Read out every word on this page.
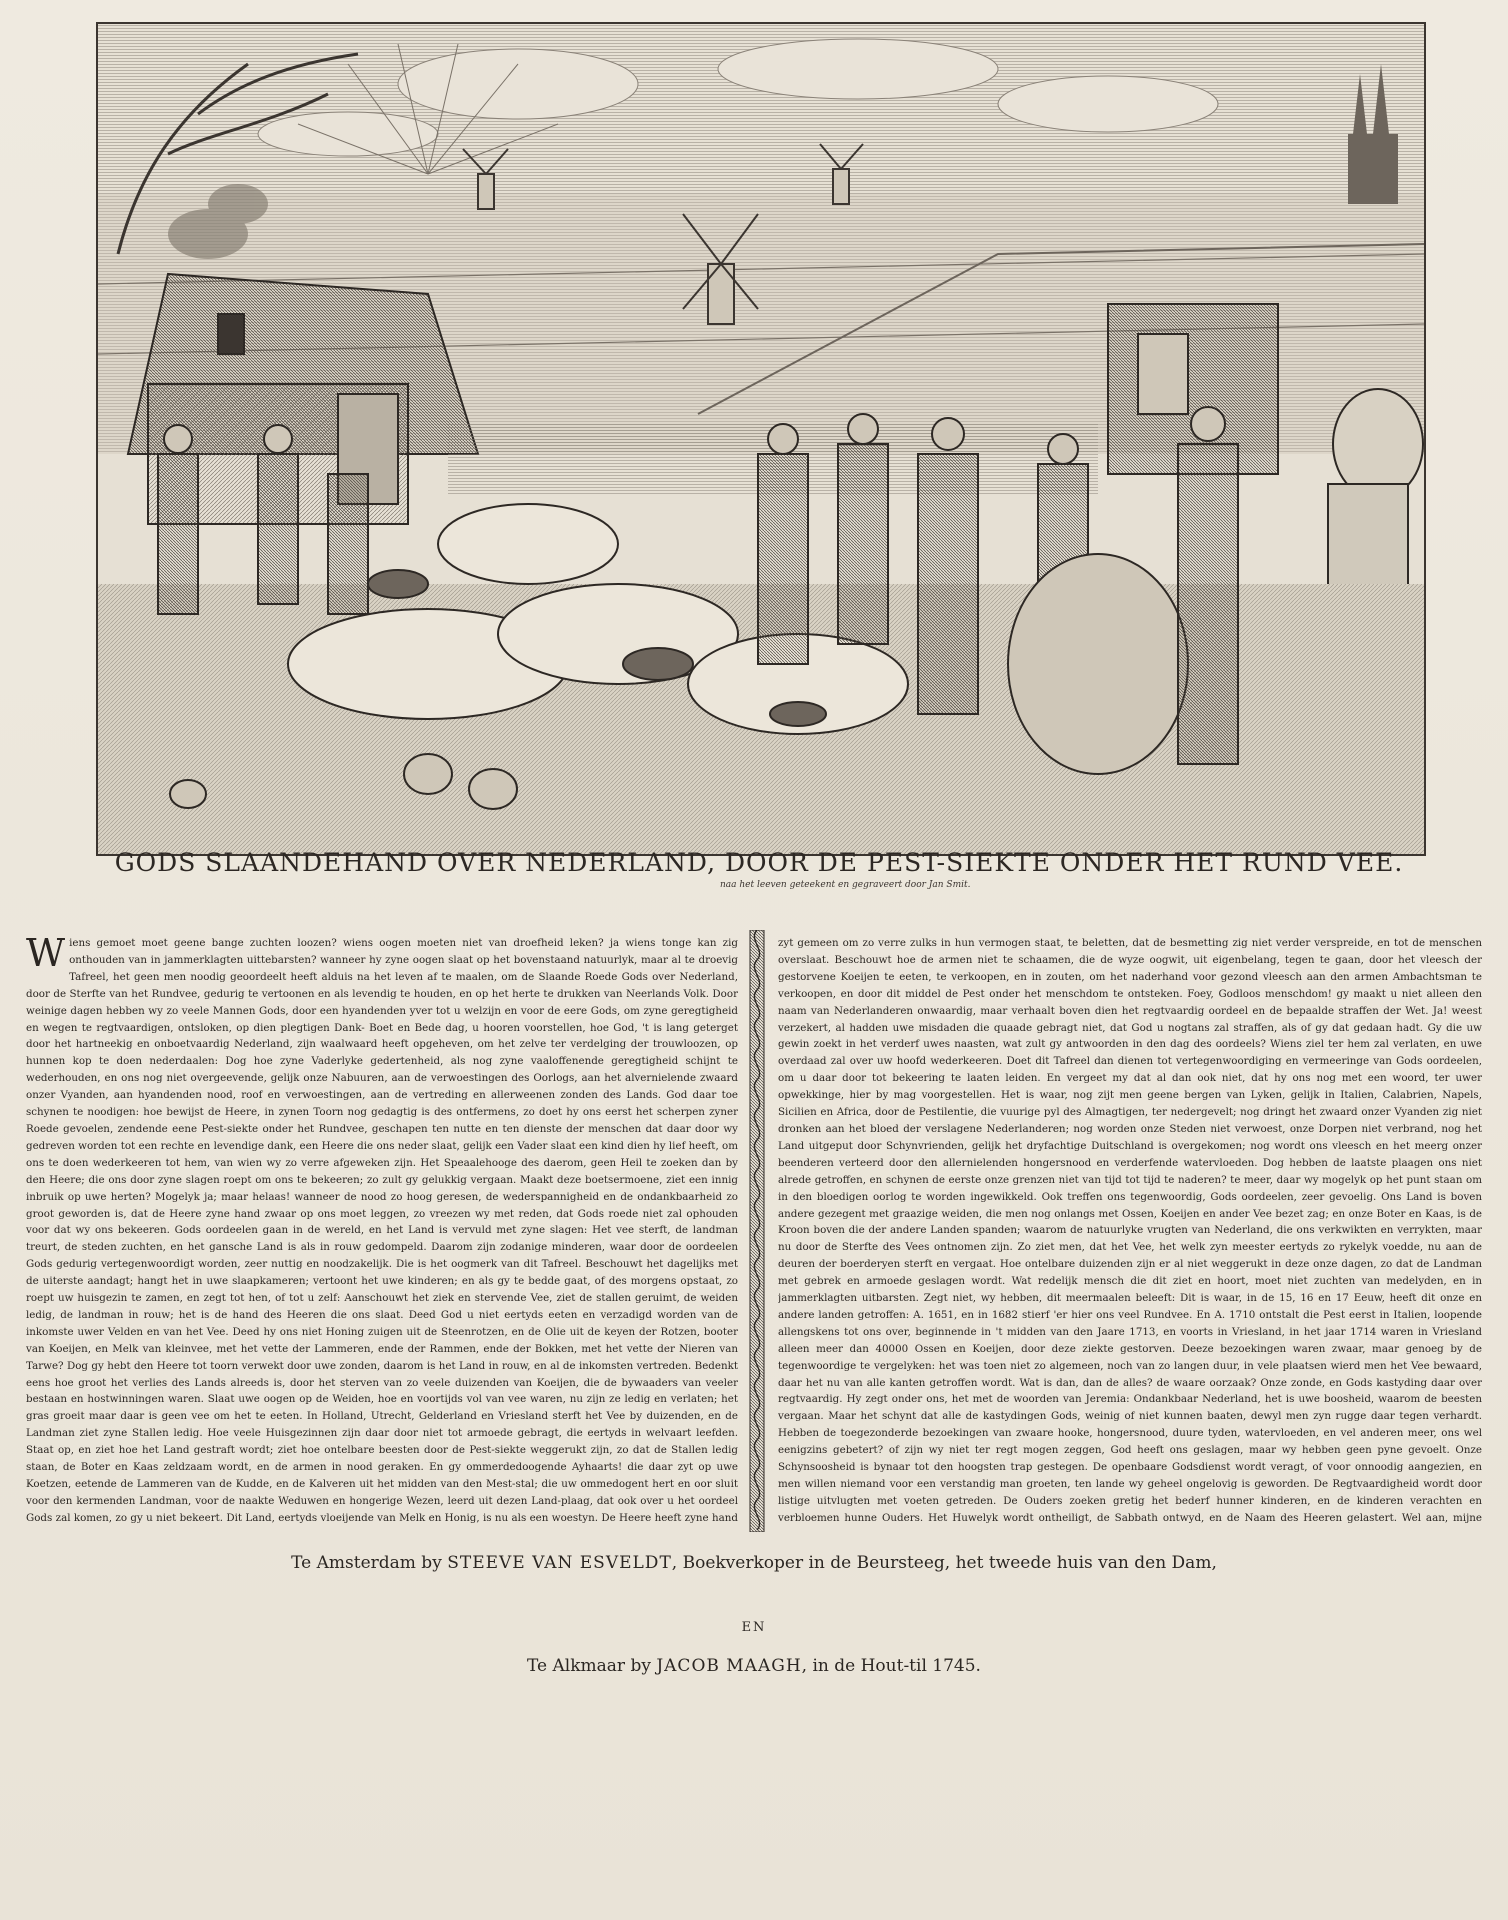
GODS SLAANDEHAND OVER NEDERLAND, DOOR DE PEST-SIEKTE ONDER HET RUND VEE.
naa het leeven geteekent en gegraveert door Jan Smit.
W iens gemoet moet geene bange zuchten loozen? wiens oogen moeten niet van droefheid leken? ja wiens tonge kan zig onthouden van in jammerklagten uittebarsten? wanneer hy zyne oogen slaat op het bovenstaand natuurlyk, maar al te droevig Tafreel, het geen men noodig geoordeelt heeft alduis na het leven af te maalen, om de Slaande Roede Gods over Nederland, door de Sterfte van het Rundvee, gedurig te vertoonen en als levendig te houden, en op het herte te drukken van Neerlands Volk. Door weinige dagen hebben wy zo veele Mannen Gods, door een hyandenden yver tot u welzijn en voor de eere Gods, om zyne geregtigheid en wegen te regtvaardigen, ontsloken, op dien plegtigen Dank- Boet en Bede dag, u hooren voorstellen, hoe God, 't is lang geterget door het hartneekig en onboetvaardig Nederland, zijn waalwaard heeft opgeheven, om het zelve ter verdelging der trouwloozen, op hunnen kop te doen nederdaalen: Dog hoe zyne Vaderlyke gedertenheid, als nog zyne vaaloffenende geregtigheid schijnt te wederhouden, en ons nog niet overgeevende, gelijk onze Nabuuren, aan de verwoestingen des Oorlogs, aan het alvernielende zwaard onzer Vyanden, aan hyandenden nood, roof en verwoestingen, aan de vertreding en allerweenen zonden des Lands. God daar toe schynen te noodigen: hoe bewijst de Heere, in zynen Toorn nog gedagtig is des ontfermens, zo doet hy ons eerst het scherpen zyner Roede gevoelen, zendende eene Pest-siekte onder het Rundvee, geschapen ten nutte en ten dienste der menschen dat daar door wy gedreven worden tot een rechte en levendige dank, een Heere die ons neder slaat, gelijk een Vader slaat een kind dien hy lief heeft, om ons te doen wederkeeren tot hem, van wien wy zo verre afgeweken zijn. Het Speaalehooge des daerom, geen Heil te zoeken dan by den Heere; die ons door zyne slagen roept om ons te bekeeren; zo zult gy gelukkig vergaan. Maakt deze boetsermoene, ziet een innig inbruik op uwe herten? Mogelyk ja; maar helaas! wanneer de nood zo hoog geresen, de wederspannigheid en de ondankbaarheid zo groot geworden is, dat de Heere zyne hand zwaar op ons moet leggen, zo vreezen wy met reden, dat Gods roede niet zal ophouden voor dat wy ons bekeeren. Gods oordeelen gaan in de wereld, en het Land is vervuld met zyne slagen: Het vee sterft, de landman treurt, de steden zuchten, en het gansche Land is als in rouw gedompeld. Daarom zijn zodanige minderen, waar door de oordeelen Gods gedurig vertegenwoordigt worden, zeer nuttig en noodzakelijk. Die is het oogmerk van dit Tafreel. Beschouwt het dagelijks met de uiterste aandagt; hangt het in uwe slaapkameren; vertoont het uwe kinderen; en als gy te bedde gaat, of des morgens opstaat, zo roept uw huisgezin te zamen, en zegt tot hen, of tot u zelf: Aanschouwt het ziek en stervende Vee, ziet de stallen geruimt, de weiden ledig, de landman in rouw; het is de hand des Heeren die ons slaat. Deed God u niet eertyds eeten en verzadigd worden van de inkomste uwer Velden en van het Vee. Deed hy ons niet Honing zuigen uit de Steenrotzen, en de Olie uit de keyen der Rotzen, booter van Koeijen, en Melk van kleinvee, met het vette der Lammeren, ende der Rammen, ende der Bokken, met het vette der Nieren van Tarwe? Dog gy hebt den Heere tot toorn verwekt door uwe zonden, daarom is het Land in rouw, en al de inkomsten vertreden. Bedenkt eens hoe groot het verlies des Lands alreeds is, door het sterven van zo veele duizenden van Koeijen, die de bywaaders van veeler bestaan en hostwinningen waren. Slaat uwe oogen op de Weiden, hoe en voortijds vol van vee waren, nu zijn ze ledig en verlaten; het gras groeit maar daar is geen vee om het te eeten. In Holland, Utrecht, Gelderland en Vriesland sterft het Vee by duizenden, en de Landman ziet zyne Stallen ledig. Hoe veele Huisgezinnen zijn daar door niet tot armoede gebragt, die eertyds in welvaart leefden. Staat op, en ziet hoe het Land gestraft wordt; ziet hoe ontelbare beesten door de Pest-siekte weggerukt zijn, zo dat de Stallen ledig staan, de Boter en Kaas zeldzaam wordt, en de armen in nood geraken. En gy ommerdedoogende Ayhaarts! die daar zyt op uwe Koetzen, eetende de Lammeren van de Kudde, en de Kalveren uit het midden van den Mest-stal; die uw ommedogent hert en oor sluit voor den kermenden Landman, voor de naakte Weduwen en hongerige Wezen, leerd uit dezen Land-plaag, dat ook over u het oordeel Gods zal komen, zo gy u niet bekeert. Dit Land, eertyds vloeijende van Melk en Honig, is nu als een woestyn. De Heere heeft zyne hand

zyt gemeen om zo verre zulks in hun vermogen staat, te beletten, dat de besmetting zig niet verder verspreide, en tot de menschen overslaat. Beschouwt hoe de armen niet te schaamen, die de wyze oogwit, uit eigenbelang, tegen te gaan, door het vleesch der gestorvene Koeijen te eeten, te verkoopen, en in zouten, om het naderhand voor gezond vleesch aan den armen Ambachtsman te verkoopen, en door dit middel de Pest onder het menschdom te ontsteken. Foey, Godloos menschdom! gy maakt u niet alleen den naam van Nederlanderen onwaardig, maar verhaalt boven dien het regtvaardig oordeel en de bepaalde straffen der Wet. Ja! weest verzekert, al hadden uwe misdaden die quaade gebragt niet, dat God u nogtans zal straffen, als of gy dat gedaan hadt. Gy die uw gewin zoekt in het verderf uwes naasten, wat zult gy antwoorden in den dag des oordeels? Wiens ziel ter hem zal verlaten, en uwe overdaad zal over uw hoofd wederkeeren. Doet dit Tafreel dan dienen tot vertegenwoordiging en vermeeringe van Gods oordeelen, om u daar door tot bekeering te laaten leiden. En vergeet my dat al dan ook niet, dat hy ons nog met een woord, ter uwer opwekkinge, hier by mag voorgestellen. Het is waar, nog zijt men geene bergen van Lyken, gelijk in Italien, Calabrien, Napels, Sicilien en Africa, door de Pestilentie, die vuurige pyl des Almagtigen, ter nedergevelt; nog dringt het zwaard onzer Vyanden zig niet dronken aan het bloed der verslagene Nederlanderen; nog worden onze Steden niet verwoest, onze Dorpen niet verbrand, nog het Land uitgeput door Schynvrienden, gelijk het dryfachtige Duitschland is overgekomen; nog wordt ons vleesch en het meerg onzer beenderen verteerd door den allernielenden hongersnood en verderfende watervloeden. Dog hebben de laatste plaagen ons niet alrede getroffen, en schynen de eerste onze grenzen niet van tijd tot tijd te naderen? te meer, daar wy mogelyk op het punt staan om in den bloedigen oorlog te worden ingewikkeld. Ook treffen ons tegenwoordig, Gods oordeelen, zeer gevoelig. Ons Land is boven andere gezegent met graazige weiden, die men nog onlangs met Ossen, Koeijen en ander Vee bezet zag; en onze Boter en Kaas, is de Kroon boven die der andere Landen spanden; waarom de natuurlyke vrugten van Nederland, die ons verkwikten en verrykten, maar nu door de Sterfte des Vees ontnomen zijn. Zo ziet men, dat het Vee, het welk zyn meester eertyds zo rykelyk voedde, nu aan de deuren der boerderyen sterft en vergaat. Hoe ontelbare duizenden zijn er al niet weggerukt in deze onze dagen, zo dat de Landman met gebrek en armoede geslagen wordt. Wat redelijk mensch die dit ziet en hoort, moet niet zuchten van medelyden, en in jammerklagten uitbarsten. Zegt niet, wy hebben, dit meermaalen beleeft: Dit is waar, in de 15, 16 en 17 Eeuw, heeft dit onze en andere landen getroffen: A. 1651, en in 1682 stierf 'er hier ons veel Rundvee. En A. 1710 ontstalt die Pest eerst in Italien, loopende allengskens tot ons over, beginnende in 't midden van den Jaare 1713, en voorts in Vriesland, in het jaar 1714 waren in Vriesland alleen meer dan 40000 Ossen en Koeijen, door deze ziekte gestorven. Deeze bezoekingen waren zwaar, maar genoeg by de tegenwoordige te vergelyken: het was toen niet zo algemeen, noch van zo langen duur, in vele plaatsen wierd men het Vee bewaard, daar het nu van alle kanten getroffen wordt. Wat is dan, dan de alles? de waare oorzaak? Onze zonde, en Gods kastyding daar over regtvaardig. Hy zegt onder ons, het met de woorden van Jeremia: Ondankbaar Nederland, het is uwe boosheid, waarom de beesten vergaan. Maar het schynt dat alle de kastydingen Gods, weinig of niet kunnen baaten, dewyl men zyn rugge daar tegen verhardt. Hebben de toegezonderde bezoekingen van zwaare hooke, hongersnood, duure tyden, watervloeden, en vel anderen meer, ons wel eenigzins gebetert? of zijn wy niet ter regt mogen zeggen, God heeft ons geslagen, maar wy hebben geen pyne gevoelt. Onze Schynsoosheid is bynaar tot den hoogsten trap gestegen. De openbaare Godsdienst wordt veragt, of voor onnoodig aangezien, en men willen niemand voor een verstandig man groeten, ten lande wy geheel ongelovig is geworden. De Regtvaardigheid wordt door listige uitvlugten met voeten getreden. De Ouders zoeken gretig het bederf hunner kinderen, en de kinderen verachten en verbloemen hunne Ouders. Het Huwelyk wordt ontheiligt, de Sabbath ontwyd, en de Naam des Heeren gelastert. Wel aan, mijne

Te Amsterdam by STEEVE VAN ESVELDT, Boekverkoper in de Beursteeg, het tweede huis van den Dam,
EN
Te Alkmaar by JACOB MAAGH, in de Hout-til 1745.
